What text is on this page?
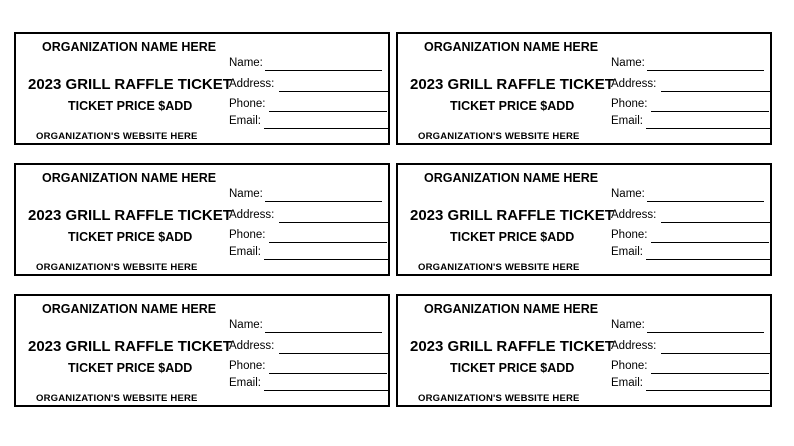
ORGANIZATION NAME HERE
2023 GRILL RAFFLE TICKET
TICKET PRICE $ADD
ORGANIZATION'S WEBSITE HERE
Name:
Address:
Phone:
Email:
ORGANIZATION NAME HERE
2023 GRILL RAFFLE TICKET
TICKET PRICE $ADD
ORGANIZATION'S WEBSITE HERE
Name:
Address:
Phone:
Email:
ORGANIZATION NAME HERE
2023 GRILL RAFFLE TICKET
TICKET PRICE $ADD
ORGANIZATION'S WEBSITE HERE
Name:
Address:
Phone:
Email:
ORGANIZATION NAME HERE
2023 GRILL RAFFLE TICKET
TICKET PRICE $ADD
ORGANIZATION'S WEBSITE HERE
Name:
Address:
Phone:
Email:
ORGANIZATION NAME HERE
2023 GRILL RAFFLE TICKET
TICKET PRICE $ADD
ORGANIZATION'S WEBSITE HERE
Name:
Address:
Phone:
Email:
ORGANIZATION NAME HERE
2023 GRILL RAFFLE TICKET
TICKET PRICE $ADD
ORGANIZATION'S WEBSITE HERE
Name:
Address:
Phone:
Email:
